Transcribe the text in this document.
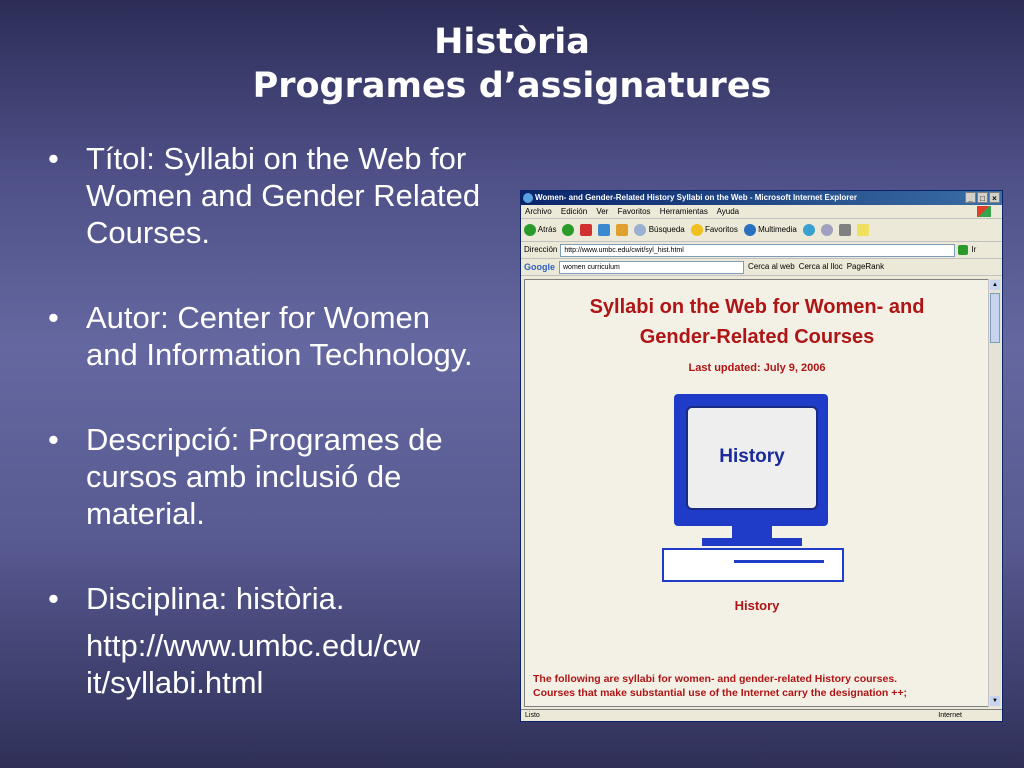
Història
Programes d’assignatures
• Títol: Syllabi on the Web for Women and Gender Related Courses.
• Autor: Center for Women and Information Technology.
• Descripció: Programes de cursos amb inclusió de material.
• Disciplina: història.
http://www.umbc.edu/cw
it/syllabi.html
Women- and Gender-Related History Syllabi on the Web - Microsoft Internet Explorer	_ □ ×
Archivo Edición Ver Favoritos Herramientas Ayuda
Atrás	Búsqueda	Favoritos	Multimedia
Dirección	http://www.umbc.edu/cwit/syl_hist.html	Ir
Google	women curriculum	Cerca al web Cerca al lloc PageRank
Syllabi on the Web for Women- and
Gender-Related Courses
Last updated: July 9, 2006
History
History
The following are syllabi for women- and gender-related History courses.
Courses that make substantial use of the Internet carry the designation ++;
▲
▼
Listo	Internet
